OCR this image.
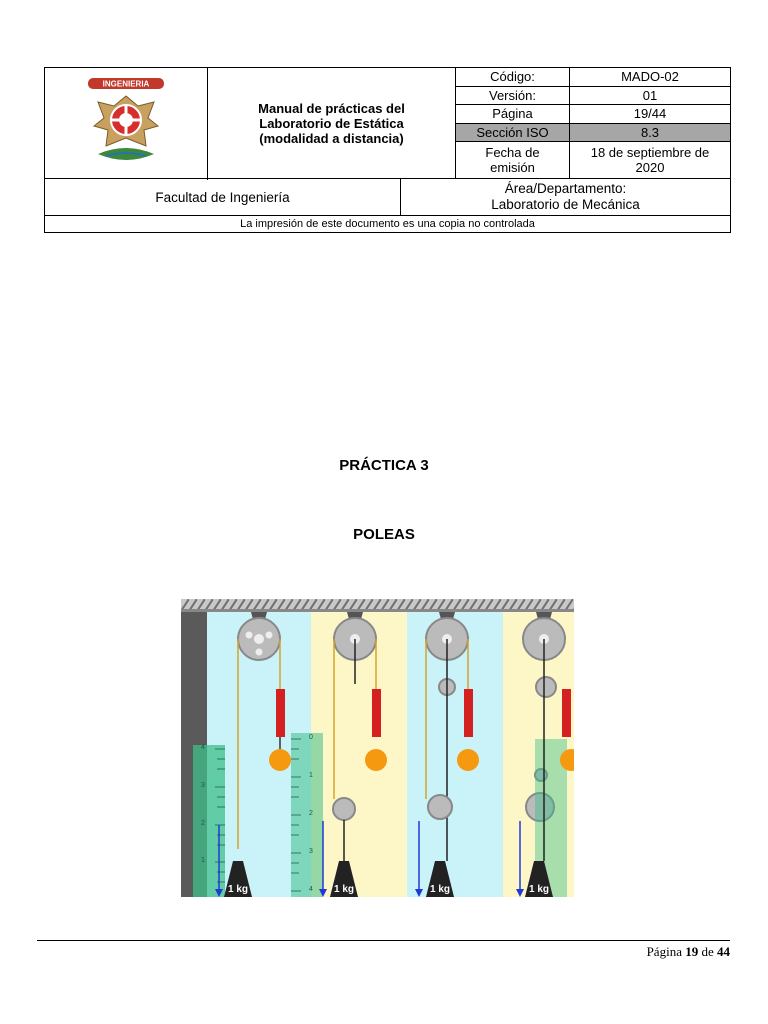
INGENIERIA	Manual de prácticas del
Laboratorio de Estática
(modalidad a distancia)	Código:	MADO-02
		Versión:	01
		Página	19/44
		Sección ISO	8.3

		Fecha de emisión	18 de septiembre de 2020

Facultad de Ingeniería	
Área/Departamento:
Laboratorio de Mecánica

La impresión de este documento es una copia no controlada
PRÁCTICA 3
POLEAS
4
3
2
1
0
1
2
3
4
1 kg	1 kg	1 kg	1 kg
Página 19 de 44
